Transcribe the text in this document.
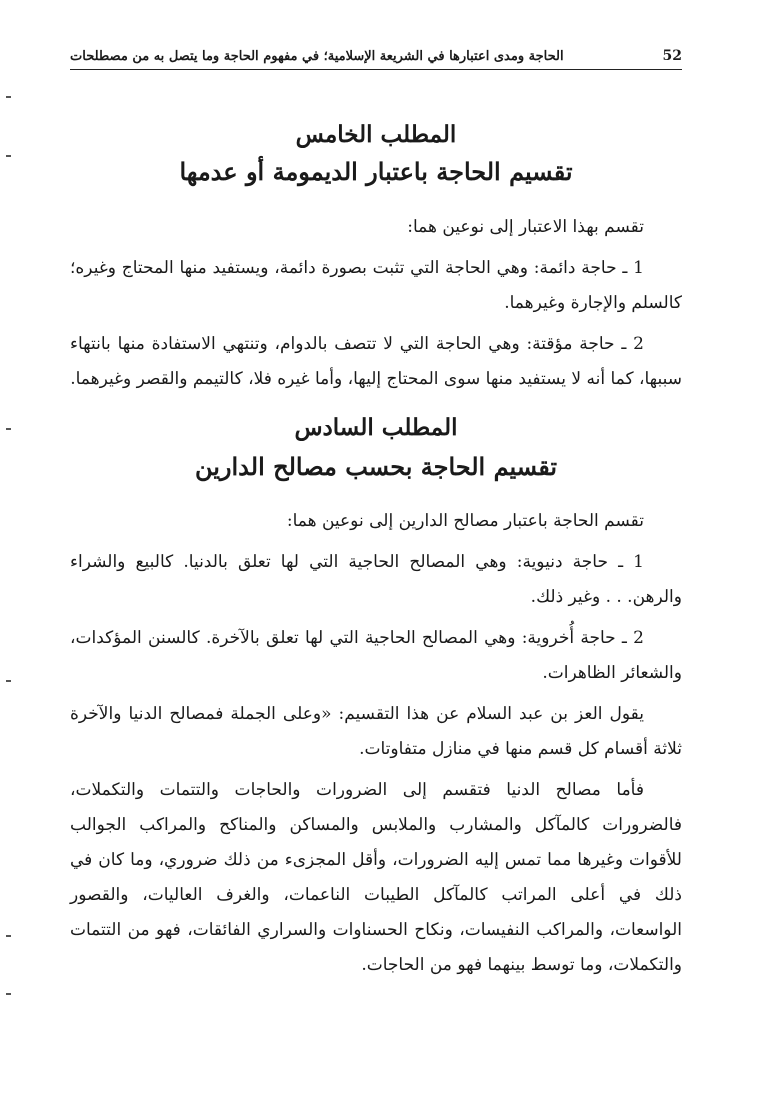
52
الحاجة ومدى اعتبارها في الشريعة الإسلامية؛ في مفهوم الحاجة وما يتصل به من مصطلحات
المطلب الخامس
تقسيم الحاجة باعتبار الديمومة أو عدمها

تقسم بهذا الاعتبار إلى نوعين هما:

1 ـ حاجة دائمة: وهي الحاجة التي تثبت بصورة دائمة، ويستفيد منها المحتاج وغيره؛ كالسلم والإجارة وغيرهما.

2 ـ حاجة مؤقتة: وهي الحاجة التي لا تتصف بالدوام، وتنتهي الاستفادة منها بانتهاء سببها، كما أنه لا يستفيد منها سوى المحتاج إليها، وأما غيره فلا، كالتيمم والقصر وغيرهما.

المطلب السادس
تقسيم الحاجة بحسب مصالح الدارين

تقسم الحاجة باعتبار مصالح الدارين إلى نوعين هما:

1 ـ حاجة دنيوية: وهي المصالح الحاجية التي لها تعلق بالدنيا. كالبيع والشراء والرهن. . . وغير ذلك.

2 ـ حاجة أُخروية: وهي المصالح الحاجية التي لها تعلق بالآخرة. كالسنن المؤكدات، والشعائر الظاهرات.

يقول العز بن عبد السلام عن هذا التقسيم: «وعلى الجملة فمصالح الدنيا والآخرة ثلاثة أقسام كل قسم منها في منازل متفاوتات.

فأما مصالح الدنيا فتقسم إلى الضرورات والحاجات والتتمات والتكملات، فالضرورات كالمآكل والمشارب والملابس والمساكن والمناكح والمراكب الجوالب للأقوات وغيرها مما تمس إليه الضرورات، وأقل المجزىء من ذلك ضروري، وما كان في ذلك في أعلى المراتب كالمآكل الطيبات الناعمات، والغرف العاليات، والقصور الواسعات، والمراكب النفيسات، ونكاح الحسناوات والسراري الفائقات، فهو من التتمات والتكملات، وما توسط بينهما فهو من الحاجات.
